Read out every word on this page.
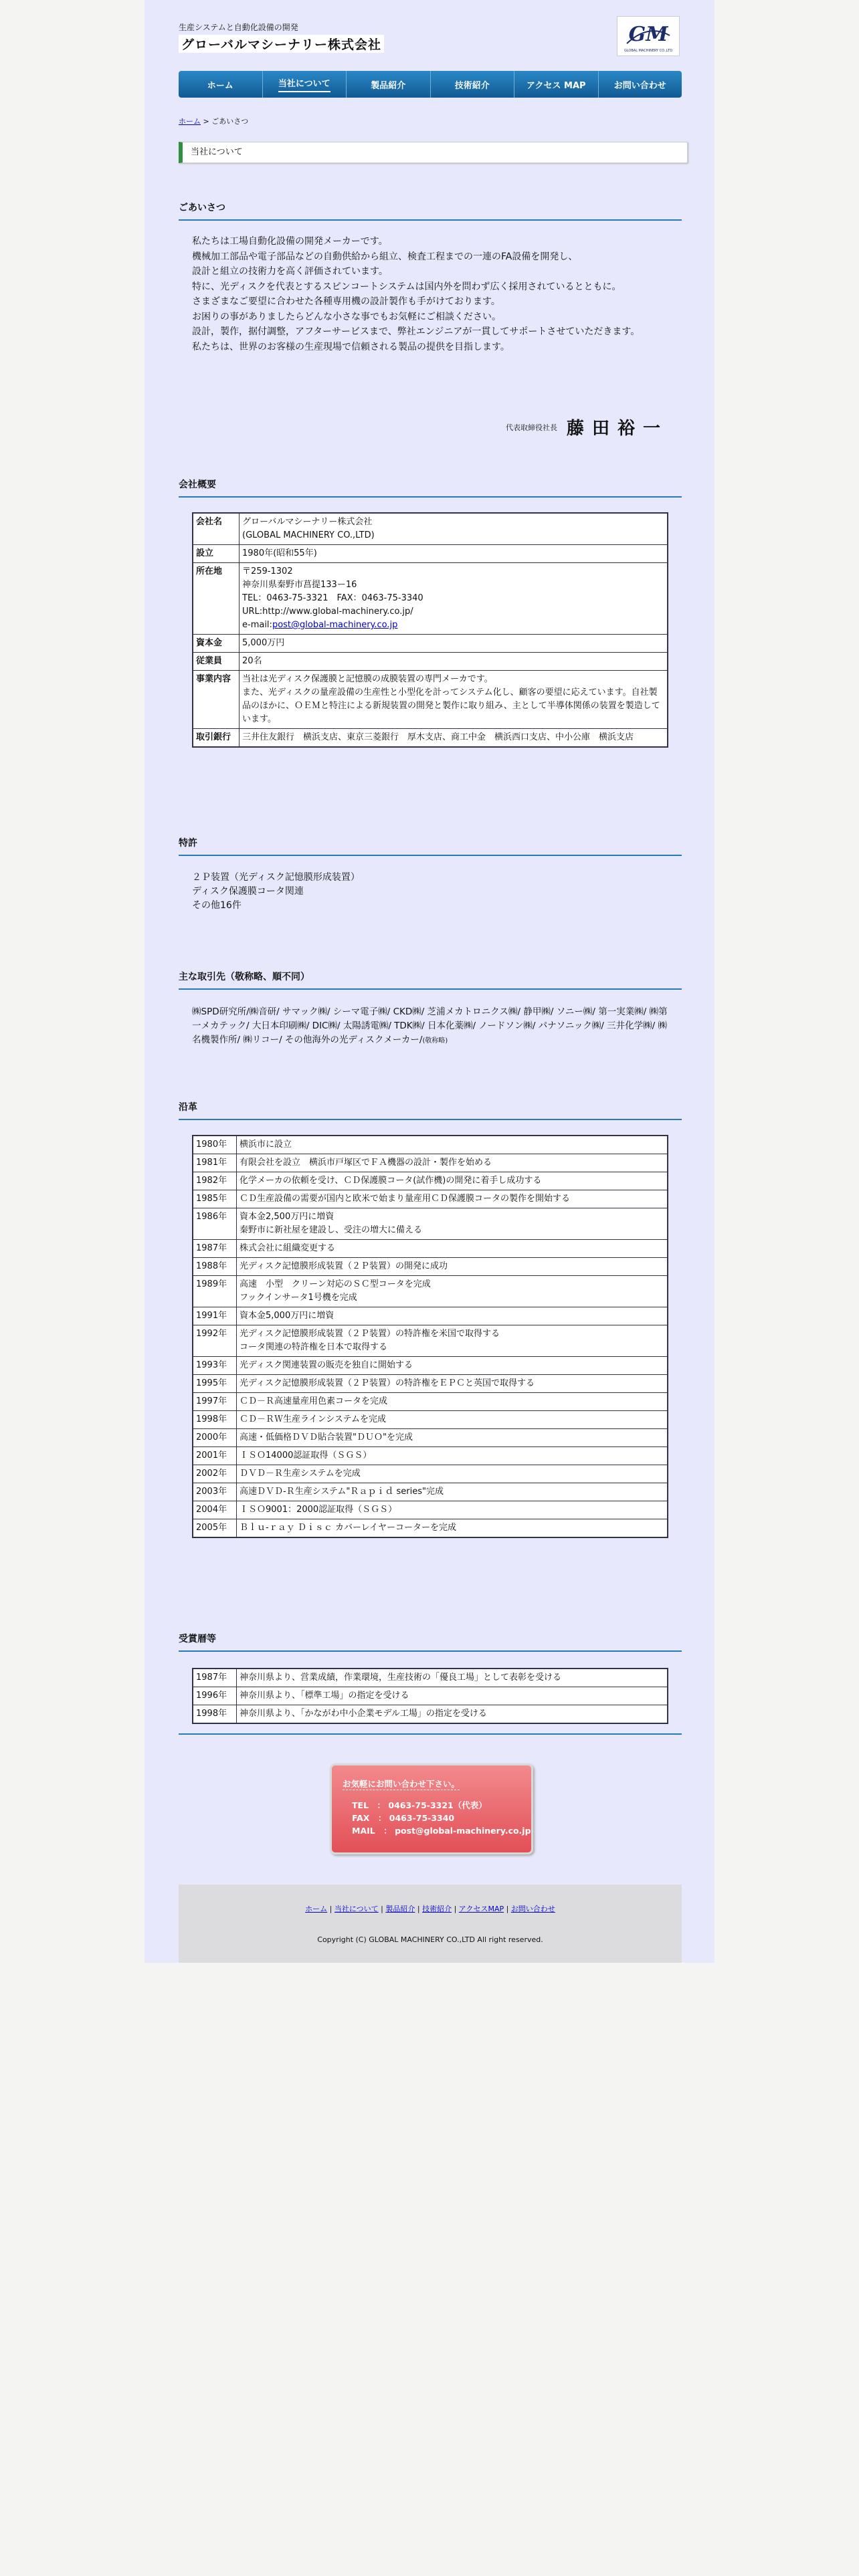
生産システムと自動化設備の開発
グローバルマシーナリー株式会社	GM
GLOBAL MACHINERY CO.,LTD
ホーム	当社について	製品紹介	技術紹介	アクセス MAP	お問い合わせ
ホーム > ごあいさつ
当社について
ごあいさつ
私たちは工場自動化設備の開発メーカーです。
機械加工部品や電子部品などの自動供給から組立、検査工程までの一連のFA設備を開発し、
設計と組立の技術力を高く評価されています。
特に、光ディスクを代表とするスピンコートシステムは国内外を問わず広く採用されているとともに。
さまざまなご要望に合わせた各種専用機の設計製作も手がけております。
お困りの事がありましたらどんな小さな事でもお気軽にご相談ください。
設計，製作，据付調整，アフターサービスまで、弊社エンジニアが一貫してサポートさせていただきます。
私たちは、世界のお客様の生産現場で信頼される製品の提供を目指します。
代表取締役社長 藤田裕一
会社概要
会社名	グローバルマシーナリー株式会社
(GLOBAL MACHINERY CO.,LTD)

設立	1980年(昭和55年)
所在地	〒259-1302
神奈川県秦野市菖提133ー16
TEL：0463-75-3321　FAX：0463-75-3340
URL:http://www.global-machinery.co.jp/
e-mail:post@global-machinery.co.jp

資本金	5,000万円
従業員	20名
事業内容	当社は光ディスク保護膜と記憶膜の成膜装置の専門メーカです。
また、光ディスクの量産設備の生産性と小型化を計ってシステム化し、顧客の要望に応えています。自社製品のほかに、ＯＥＭと特注による新規装置の開発と製作に取り組み、主として半導体関係の装置を製造しています。

取引銀行	三井住友銀行　横浜支店、東京三菱銀行　厚木支店、商工中金　横浜西口支店、中小公庫　横浜支店
特許
２Ｐ装置（光ディスク記憶膜形成装置）
ディスク保護膜コータ関連
その他16件
主な取引先（敬称略、順不同）
㈱SPD研究所/㈱音研/ サマック㈱/ シーマ電子㈱/ CKD㈱/ 芝浦メカトロニクス㈱/ 静甲㈱/ ソニー㈱/ 第一実業㈱/ ㈱第一メカテック/ 大日本印刷㈱/ DIC㈱/ 太陽誘電㈱/ TDK㈱/ 日本化薬㈱/ ノードソン㈱/ パナソニック㈱/ 三井化学㈱/ ㈱名機製作所/ ㈱リコー/ その他海外の光ディスクメーカー/(敬称略)
沿革
1980年	横浜市に設立

1981年	有限会社を設立　横浜市戸塚区でＦＡ機器の設計・製作を始める

1982年	化学メーカの依頼を受け、ＣＤ保護膜コータ(試作機)の開発に着手し成功する

1985年	ＣＤ生産設備の需要が国内と欧米で始まり量産用ＣＤ保護膜コータの製作を開始する

1986年	資本金2,500万円に増資
秦野市に新社屋を建設し、受注の増大に備える

1987年	株式会社に組織変更する

1988年	光ディスク記憶膜形成装置（２Ｐ装置）の開発に成功

1989年	高速　小型　クリーン対応のＳＣ型コータを完成
フックインサータ1号機を完成

1991年	資本金5,000万円に増資

1992年	光ディスク記憶膜形成装置（２Ｐ装置）の特許権を米国で取得する
コータ関連の特許権を日本で取得する

1993年	光ディスク関連装置の販売を独自に開始する

1995年	光ディスク記憶膜形成装置（２Ｐ装置）の特許権をＥＰＣと英国で取得する

1997年	ＣＤ－Ｒ高速量産用色素コータを完成

1998年	ＣＤ－ＲＷ生産ラインシステムを完成

2000年	高速・低価格ＤＶＤ貼合装置"ＤＵＯ"を完成

2001年	ＩＳＯ14000認証取得（ＳＧＳ）

2002年	ＤＶＤ－Ｒ生産システムを完成

2003年	高速ＤＶＤ-Ｒ生産システム"Ｒａｐｉｄ series"完成

2004年	ＩＳＯ9001：2000認証取得（ＳＧＳ）

2005年	Ｂｌｕ-ｒａｙ Ｄｉｓｃ カバーレイヤーコーターを完成
受賞暦等
1987年	神奈川県より、営業成績，作業環境，生産技術の「優良工場」として表彰を受ける
1996年	神奈川県より、「標準工場」の指定を受ける
1998年	神奈川県より、「かながわ中小企業モデル工場」の指定を受ける
お気軽にお問い合わせ下さい。
TEL　： 0463-75-3321（代表）
FAX　： 0463-75-3340
MAIL　： post@global-machinery.co.jp
ホーム | 当社について | 製品紹介 | 技術紹介 | アクセスMAP | お問い合わせ
Copyright (C) GLOBAL MACHINERY CO.,LTD All right reserved.
